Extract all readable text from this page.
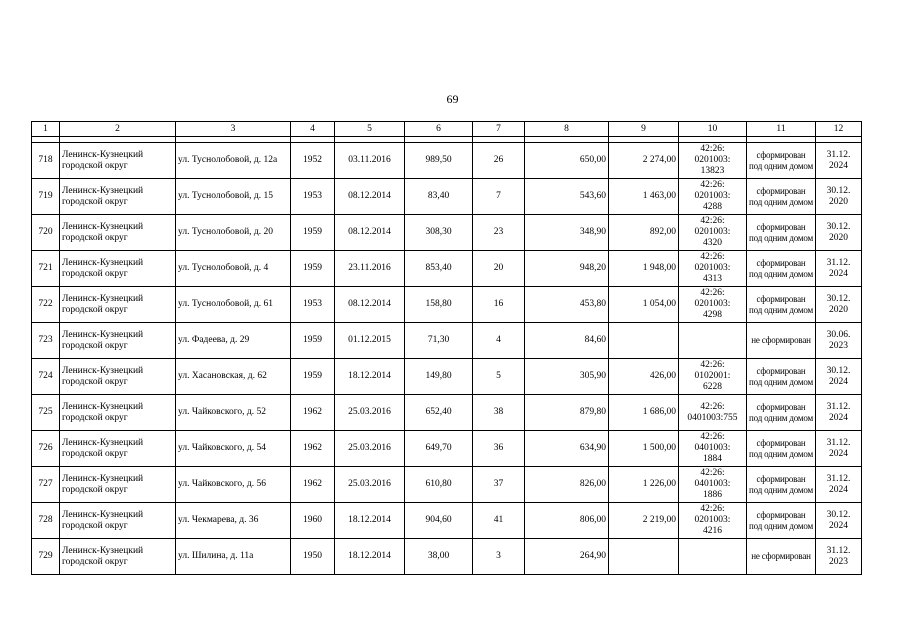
69
1	2	3	4	5	6	7	8	9	10	11	12

718	Ленинск-Кузнецкий городской округ	ул. Туснолобовой, д. 12а	1952	03.11.2016	989,50	26	650,00	2 274,00	42:26:
0201003:
13823	сформирован под одним домом	31.12.
2024
719	Ленинск-Кузнецкий городской округ	ул. Туснолобовой, д. 15	1953	08.12.2014	83,40	7	543,60	1 463,00	42:26:
0201003:
4288	сформирован под одним домом	30.12.
2020
720	Ленинск-Кузнецкий городской округ	ул. Туснолобовой, д. 20	1959	08.12.2014	308,30	23	348,90	892,00	42:26:
0201003:
4320	сформирован под одним домом	30.12.
2020
721	Ленинск-Кузнецкий городской округ	ул. Туснолобовой, д. 4	1959	23.11.2016	853,40	20	948,20	1 948,00	42:26:
0201003:
4313	сформирован под одним домом	31.12.
2024
722	Ленинск-Кузнецкий городской округ	ул. Туснолобовой, д. 61	1953	08.12.2014	158,80	16	453,80	1 054,00	42:26:
0201003:
4298	сформирован под одним домом	30.12.
2020
723	Ленинск-Кузнецкий городской округ	ул. Фадеева, д. 29	1959	01.12.2015	71,30	4	84,60			не сформирован	30.06.
2023
724	Ленинск-Кузнецкий городской округ	ул. Хасановская, д. 62	1959	18.12.2014	149,80	5	305,90	426,00	42:26:
0102001:
6228	сформирован под одним домом	30.12.
2024
725	Ленинск-Кузнецкий городской округ	ул. Чайковского, д. 52	1962	25.03.2016	652,40	38	879,80	1 686,00	42:26:
0401003:755	сформирован под одним домом	31.12.
2024
726	Ленинск-Кузнецкий городской округ	ул. Чайковского, д. 54	1962	25.03.2016	649,70	36	634,90	1 500,00	42:26:
0401003:
1884	сформирован под одним домом	31.12.
2024
727	Ленинск-Кузнецкий городской округ	ул. Чайковского, д. 56	1962	25.03.2016	610,80	37	826,00	1 226,00	42:26:
0401003:
1886	сформирован под одним домом	31.12.
2024
728	Ленинск-Кузнецкий городской округ	ул. Чекмарева, д. 36	1960	18.12.2014	904,60	41	806,00	2 219,00	42:26:
0201003:
4216	сформирован под одним домом	30.12.
2024
729	Ленинск-Кузнецкий городской округ	ул. Шилина, д. 11а	1950	18.12.2014	38,00	3	264,90			не сформирован	31.12.
2023
